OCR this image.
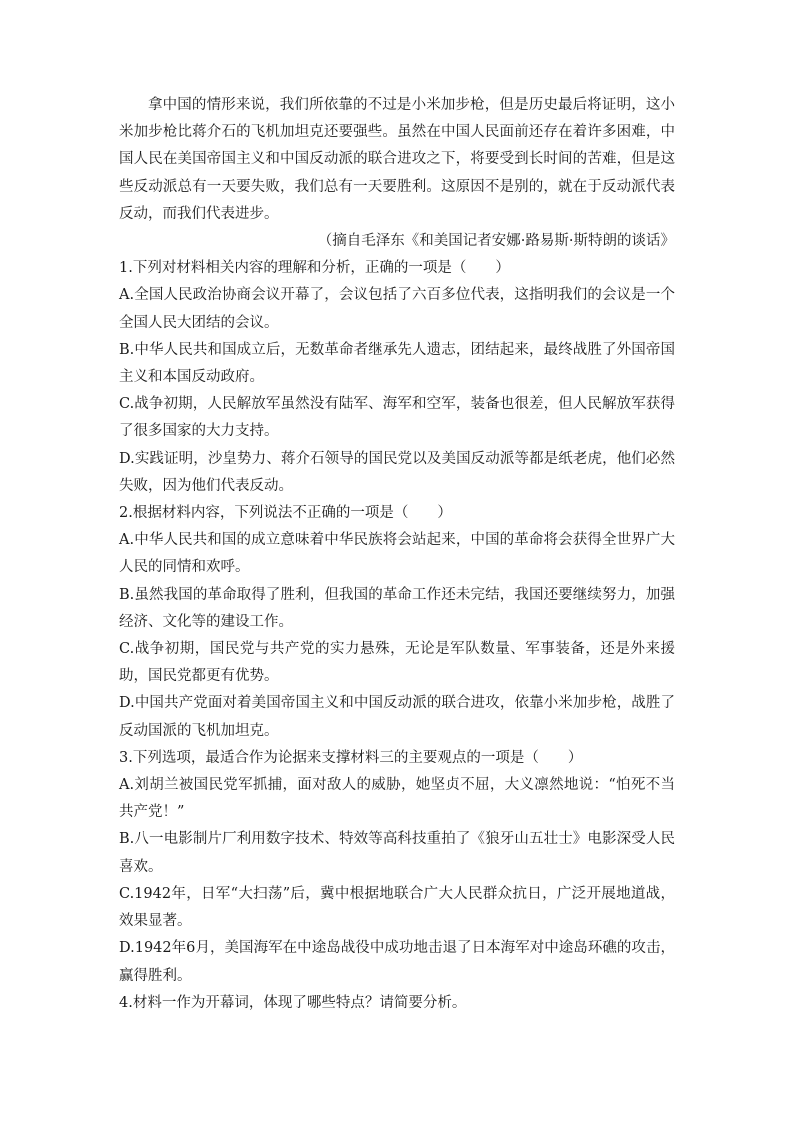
拿中国的情形来说，我们所依靠的不过是小米加步枪，但是历史最后将证明，这小米加步枪比蒋介石的飞机加坦克还要强些。虽然在中国人民面前还存在着许多困难，中国人民在美国帝国主义和中国反动派的联合进攻之下，将要受到长时间的苦难，但是这些反动派总有一天要失败，我们总有一天要胜利。这原因不是别的，就在于反动派代表反动，而我们代表进步。

（摘自毛泽东《和美国记者安娜·路易斯·斯特朗的谈话》

1.下列对材料相关内容的理解和分析，正确的一项是（　　）

A.全国人民政治协商会议开幕了，会议包括了六百多位代表，这指明我们的会议是一个全国人民大团结的会议。

B.中华人民共和国成立后，无数革命者继承先人遗志，团结起来，最终战胜了外国帝国主义和本国反动政府。

C.战争初期，人民解放军虽然没有陆军、海军和空军，装备也很差，但人民解放军获得了很多国家的大力支持。

D.实践证明，沙皇势力、蒋介石领导的国民党以及美国反动派等都是纸老虎，他们必然失败，因为他们代表反动。

2.根据材料内容，下列说法不正确的一项是（　　）

A.中华人民共和国的成立意味着中华民族将会站起来，中国的革命将会获得全世界广大人民的同情和欢呼。

B.虽然我国的革命取得了胜利，但我国的革命工作还未完结，我国还要继续努力，加强经济、文化等的建设工作。

C.战争初期，国民党与共产党的实力悬殊，无论是军队数量、军事装备，还是外来援助，国民党都更有优势。

D.中国共产党面对着美国帝国主义和中国反动派的联合进攻，依靠小米加步枪，战胜了反动国派的飞机加坦克。

3.下列选项，最适合作为论据来支撑材料三的主要观点的一项是（　　）

A.刘胡兰被国民党军抓捕，面对敌人的威胁，她坚贞不屈，大义凛然地说：“怕死不当共产党！”

B.八一电影制片厂利用数字技术、特效等高科技重拍了《狼牙山五壮士》电影深受人民喜欢。

C.1942年，日军“大扫荡”后，冀中根据地联合广大人民群众抗日，广泛开展地道战，效果显著。

D.1942年6月，美国海军在中途岛战役中成功地击退了日本海军对中途岛环礁的攻击，赢得胜利。

4.材料一作为开幕词，体现了哪些特点？请简要分析。
